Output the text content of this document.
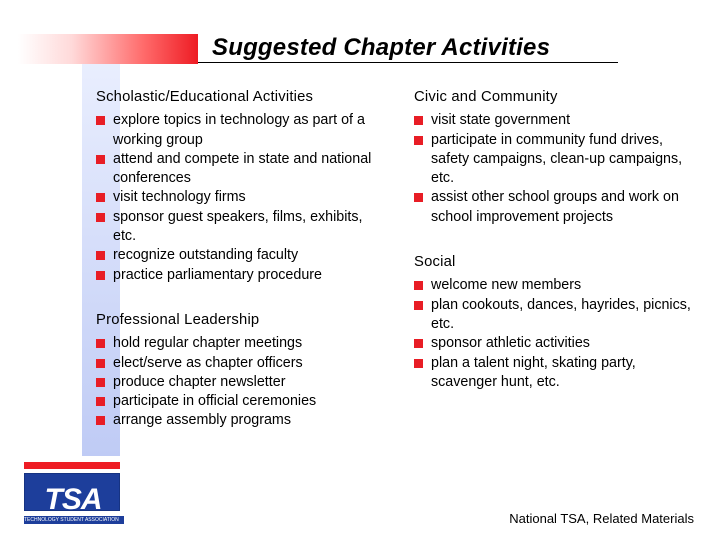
Suggested Chapter Activities

Scholastic/Educational Activities

explore topics in technology as part of a working group
attend and compete in state and national conferences
visit technology firms
sponsor guest speakers, films, exhibits, etc.
recognize outstanding faculty
practice parliamentary procedure

Professional Leadership

hold regular chapter meetings
elect/serve as chapter officers
produce chapter newsletter
participate in official ceremonies
arrange assembly programs

Civic and Community

visit state government
participate in community fund drives, safety campaigns, clean-up campaigns, etc.
assist other school groups and work on school improvement projects

Social

welcome new members
plan cookouts, dances, hayrides, picnics, etc.
sponsor athletic activities
plan a talent night, skating party, scavenger hunt, etc.
TSA
TECHNOLOGY STUDENT ASSOCIATION	National TSA, Related Materials
